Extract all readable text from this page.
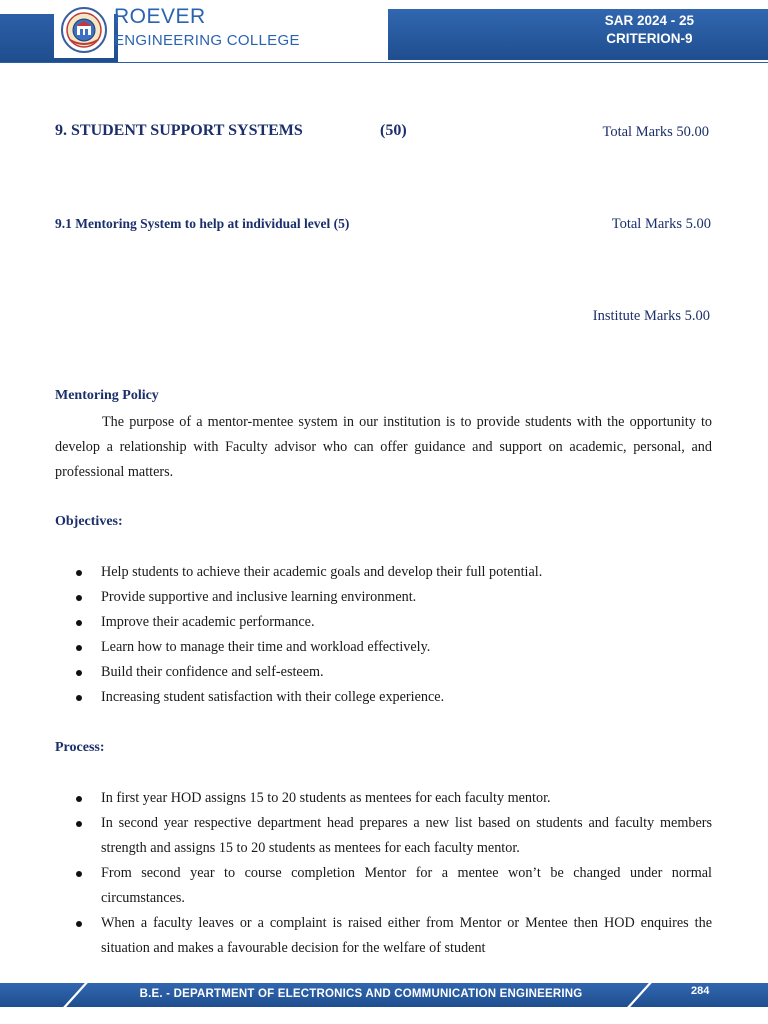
ROEVER
ENGINEERING COLLEGE
SAR 2024 - 25
CRITERION-9
9. STUDENT SUPPORT SYSTEMS	(50)	Total Marks 50.00
9.1 Mentoring System to help at individual level (5)	Total Marks 5.00
Institute Marks 5.00
Mentoring Policy
The purpose of a mentor-mentee system in our institution is to provide students with the opportunity to develop a relationship with Faculty advisor who can offer guidance and support on academic, personal, and professional matters.
Objectives:
Help students to achieve their academic goals and develop their full potential.
Provide supportive and inclusive learning environment.
Improve their academic performance.
Learn how to manage their time and workload effectively.
Build their confidence and self-esteem.
Increasing student satisfaction with their college experience.
Process:
In first year HOD assigns 15 to 20 students as mentees for each faculty mentor.
In second year respective department head prepares a new list based on students and faculty members strength and assigns 15 to 20 students as mentees for each faculty mentor.
From second year to course completion Mentor for a mentee won’t be changed under normal circumstances.
When a faculty leaves or a complaint is raised either from Mentor or Mentee then HOD enquires the situation and makes a favourable decision for the welfare of student
B.E. - DEPARTMENT OF ELECTRONICS AND COMMUNICATION ENGINEERING	284
